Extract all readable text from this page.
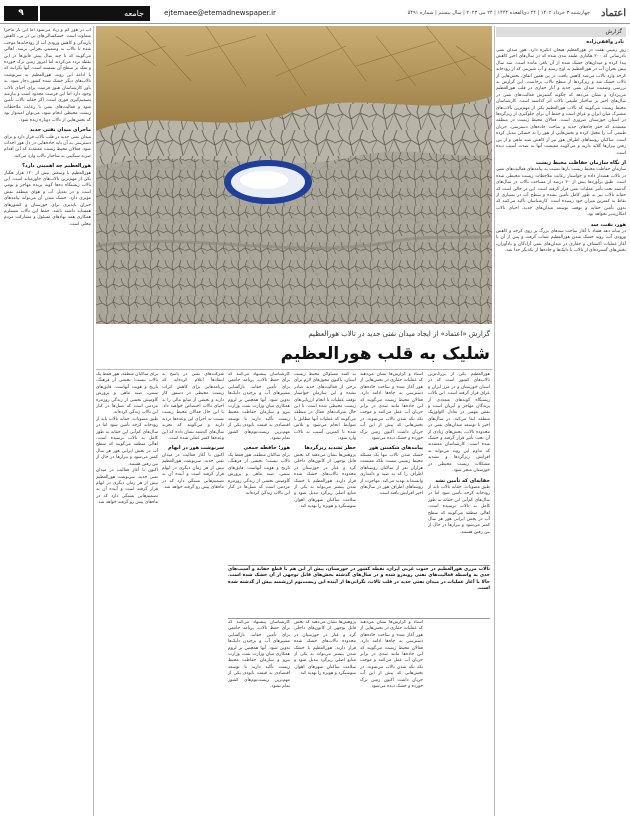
اعتماد
چهارشنبه ۳ خرداد ۱۴۰۲ | ۲۴ ذی‌القعده ۱۴۴۴ | ۲۴ می ۲۰۲۳ | سال بیستم | شماره ۵۴۹۱
ejtemaee@etemadnewspaper.ir
جامعه
۹
گزارش
نادر واقفی‌زاده

روزِ زمینیِ هفت در هورالعظیم هیجان انگیزه دارد. هورِ میدان نفتی یادرسانی که ۳۰۰ هکتاری طبقه بندی شده که در سال‌های اخیر کاهش پیدا کرده و میدان‌های خشک شده از آن باقی مانده است. سه سال پیش بحرانِ آب در هورالعظیم به اوج رسید و آبِ شیرینی که از رودخانه کرخه وارد تالاب می‌شد کاهش یافت. در پی همین اتفاق، بخش‌هایی از تالاب خشک شد و ریزگردها از سطح تالاب برخاست. این گزارش به بررسی وضعیت میدان نفتی جدید و آثار حفاری در قلب هورالعظیم می‌پردازد و نشان می‌دهد که چگونه گسترش فعالیت‌های نفتی در سال‌های اخیر بر ساختار طبیعی تالاب اثر گذاشته است. کارشناسان محیط زیست می‌گویند که تالاب هورالعظیم یکی از مهم‌ترین تالاب‌های مشترک میان ایران و عراق است و حفظ آن برای جلوگیری از ریزگردها در استان خوزستان ضروری است. فعالان محیط زیست در منطقه معتقدند که حفر چاه‌های جدید و ساخت جاده‌های دسترسی، جریان طبیعی آب را مختل کرده و بخش‌هایی از هور را به خشکی تبدیل کرده است. ساکنان روستاهای اطراف هور نیز از کاهش صید ماهی و از بین رفتن نیزارها گلایه دارند و می‌گویند معیشت آنها به شدت آسیب دیده است.

از نگاه سازمان حفاظت محیط زیست

سازمان حفاظت محیط زیست بارها نسبت به پیامدهای فعالیت‌های نفتی در تالاب هشدار داده و خواستار رعایت ملاحظات زیست محیطی شده است. طبق برآوردها بیش از ۳۰ درصد از مساحت تالاب در سال‌های گذشته تحت تأثیر عملیات نفتی قرار گرفته است. این در حالی است که حقابه تالاب نیز به طور کامل تأمین نشده و سطح آب در بسیاری از نقاط به کمترین میزان خود رسیده است. کارشناسان تأکید می‌کنند که بدون تأمین حقابه و توقف توسعه میدان‌های جدید، احیای تالاب امکان‌پذیر نخواهد بود.

هور، نفت، سد

در میانه دهه هفتاد با آغاز ساخت سدهای بزرگ بر روی کرخه و کاهش ورودی آب، روند خشک شدن هورالعظیم شتاب گرفت و پس از آن با آغاز عملیات اکتشاف و حفاری در میدان‌های نفتی آزادگان و یادآوران، بخش‌های گسترده‌ای از تالاب با دایک‌ها و جاده‌ها از یکدیگر جدا شد.

گزارش «اعتماد» از ایجاد میدان نفتی جدید در تالاب هورالعظیم
شلیک به قلب هورالعظیم

هورالعظیم یکی از بزرگ‌ترین تالاب‌های کشور است که در استان خوزستان و در مرز ایران و عراق قرار گرفته است. این تالاب زیستگاه گونه‌های متعددی از پرندگان مهاجر و آبزیان است و نقش مهمی در تعادل اکولوژیک منطقه ایفا می‌کند. در سال‌های اخیر با توسعه میدان‌های نفتی در محدوده تالاب، بخش‌های زیادی از آن تحت تأثیر قرار گرفته و خشک شده است. کارشناسان معتقدند که تداوم این روند می‌تواند به افزایش ریزگردها و تشدید مشکلات زیست محیطی در خوزستان منجر شود.

حقابه‌ای که تأمین نشد

طبق مصوبات، حقابه تالاب باید از رودخانه کرخه تأمین شود اما در سال‌های کم‌آبی این حقابه به طور کامل به تالاب نرسیده است. اهالی منطقه می‌گویند که سطح آب در بخش ایرانی هور هر سال کمتر می‌شود و نیزارها در حال از بین رفتن هستند.

اسناد و گزارش‌ها نشان می‌دهند که عملیات حفاری در بخش‌هایی از هور آغاز شده و ساخت جاده‌های دسترسی به چاه‌ها ادامه دارد. فعالان محیط زیست می‌گویند که این جاده‌ها مانند سدی در برابر جریان آب عمل می‌کنند و موجب تکه تکه شدن تالاب می‌شوند. در بخش‌هایی که پیش از این آب جریان داشت اکنون زمین ترک خورده و خشک دیده می‌شود.

پیامدهای شکستن هور

خشک شدن تالاب تنها یک مسئله محیط زیستی نیست بلکه معیشت هزاران نفر از ساکنان روستاهای اطراف را که به صید و دامداری وابسته‌اند تهدید می‌کند. مهاجرت از روستاهای اطراف هور در سال‌های اخیر افزایش یافته است.

به گفته مسئولان محیط زیست استان، تاکنون مجوزهای لازم برای برخی از فعالیت‌های جدید صادر نشده و این سازمان خواستار توقف عملیات تا انجام ارزیابی‌های زیست محیطی شده است. با این حال شرکت‌های فعال در منطقه می‌گویند که عملیات آنها مطابق با ضوابط انجام می‌شود و تلاش شده تا کمترین آسیب به تالاب وارد شود.

خطر تشدید ریزگردها

پژوهش‌ها نشان می‌دهند که بخش قابل توجهی از کانون‌های داخلی گرد و غبار در خوزستان در محدوده تالاب‌های خشک شده قرار دارند. هورالعظیم با خشک شدن بیشتر می‌تواند به یکی از منابع اصلی ریزگرد تبدیل شود و سلامت ساکنان شهرهای اهواز، سوسنگرد و هویزه را تهدید کند.

کارشناسان پیشنهاد می‌کنند که برای حفظ تالاب، برنامه جامعی برای تأمین حقابه، بازگشایی مسیرهای آب و برچیدن دایک‌ها تدوین شود. آنها همچنین بر لزوم همکاری میان وزارت نفت، وزارت نیرو و سازمان حفاظت محیط زیست تأکید دارند تا توسعه اقتصادی به قیمت نابودی یکی از مهم‌ترین زیست‌بوم‌های کشور تمام نشود.

هور؛ حافظه جمعی

برای ساکنان منطقه، هور فقط یک تالاب نیست؛ بخشی از فرهنگ، تاریخ و هویت آنهاست. قایق‌های سنتی، صید ماهی و پرورش گاومیش بخشی از زندگی روزمره مردمی است که نسل‌ها در کنار این تالاب زندگی کرده‌اند.

شرکت‌های نفتی در پاسخ به انتقادها اعلام کرده‌اند که برنامه‌هایی برای کاهش اثرات زیست محیطی در دستور کار دارند و بخشی از منابع مالی را به احیای تالاب اختصاص خواهند داد. با این حال فعالان محیط زیست نسبت به اجرای این وعده‌ها تردید دارند و می‌گویند که تجربه سال‌های گذشته نشان داده که این وعده‌ها کمتر عملی شده است.

سرنوشت هور در ابهام

اکنون با آغاز فعالیت در میدان نفتی جدید، سرنوشت هورالعظیم بیش از هر زمان دیگری در ابهام قرار گرفته است و آینده آن به تصمیم‌هایی بستگی دارد که در ماه‌های پیش رو گرفته خواهد شد.

تالاب مرزی هورالعظیم در جنوب غربی ایران، نقطه کشور در خوزستان، پیش از این هم با قطع حقابه و آسیب‌های جدی به واسطه فعالیت‌های نفتی روبه‌رو شده و در سال‌های گذشته بخش‌های قابل توجهی از آن خشک شده است. حالا با آغاز عملیات در میدان نفتی جدید در قلب تالاب، نگرانی‌ها از آینده این زیست‌بوم ارزشمند بیش از گذشته شده است.

اسناد و گزارش‌ها نشان می‌دهند که عملیات حفاری در بخش‌هایی از هور آغاز شده و ساخت جاده‌های دسترسی به چاه‌ها ادامه دارد. فعالان محیط زیست می‌گویند که این جاده‌ها مانند سدی در برابر جریان آب عمل می‌کنند و موجب تکه تکه شدن تالاب می‌شوند. در بخش‌هایی که پیش از این آب جریان داشت اکنون زمین ترک خورده و خشک دیده می‌شود.

پژوهش‌ها نشان می‌دهند که بخش قابل توجهی از کانون‌های داخلی گرد و غبار در خوزستان در محدوده تالاب‌های خشک شده قرار دارند. هورالعظیم با خشک شدن بیشتر می‌تواند به یکی از منابع اصلی ریزگرد تبدیل شود و سلامت ساکنان شهرهای اهواز، سوسنگرد و هویزه را تهدید کند.

کارشناسان پیشنهاد می‌کنند که برای حفظ تالاب، برنامه جامعی برای تأمین حقابه، بازگشایی مسیرهای آب و برچیدن دایک‌ها تدوین شود. آنها همچنین بر لزوم همکاری میان وزارت نفت، وزارت نیرو و سازمان حفاظت محیط زیست تأکید دارند تا توسعه اقتصادی به قیمت نابودی یکی از مهم‌ترین زیست‌بوم‌های کشور تمام نشود.

آب در هور کم و زیاد می‌شود اما این بار ماجرا متفاوت است. خشکسالی‌های پی در پی، کاهش بارندگی و کاهش ورودی آب از رودخانه‌ها موجب شده تا تالاب به وضعیتی بحرانی برسد. اهالی می‌گویند که تا چند سال پیش قایق‌ها در این نقطه تردد می‌کردند اما امروز زمین ترک خورده و نمک بر سطح آن نشسته است. آنها نگرانند که با ادامه این روند، هورالعظیم به سرنوشت تالاب‌های دیگر خشک شده کشور دچار شود. به باور کارشناسان هنوز فرصت برای احیای تالاب وجود دارد اما این فرصت محدود است و نیازمند تصمیم‌گیری فوری است. اگر حقابه تالاب تأمین شود و فعالیت‌های نفتی با رعایت ملاحظات زیست محیطی انجام شود، می‌توان امیدوار بود که بخش‌هایی از تالاب دوباره زنده شود.

ماجرای میدان نفتی جدید

میدان نفتی جدید در قلب تالاب قرار دارد و برای دسترسی به آن باید جاده‌هایی در دل هور احداث شود. فعالان محیط زیست معتقدند که این اقدام ضربه سنگینی به ساختار تالاب وارد می‌کند.

هورالعظیم چه اهمیتی دارد؟

هورالعظیم با وسعتی بیش از ۱۲۰ هزار هکتار یکی از مهم‌ترین تالاب‌های خاورمیانه است. این تالاب زیستگاه ده‌ها گونه پرنده مهاجر و بومی است و در تعدیل آب و هوای منطقه نقش مؤثری دارد. خشک شدن آن می‌تواند پیامدهای جبران ناپذیری برای خوزستان و کشورهای همسایه داشته باشد. حفظ این تالاب مستلزم همکاری همه نهادهای مسئول و مشارکت مردم محلی است.

برای ساکنان منطقه، هور فقط یک تالاب نیست؛ بخشی از فرهنگ، تاریخ و هویت آنهاست. قایق‌های سنتی، صید ماهی و پرورش گاومیش بخشی از زندگی روزمره مردمی است که نسل‌ها در کنار این تالاب زندگی کرده‌اند.

طبق مصوبات، حقابه تالاب باید از رودخانه کرخه تأمین شود اما در سال‌های کم‌آبی این حقابه به طور کامل به تالاب نرسیده است. اهالی منطقه می‌گویند که سطح آب در بخش ایرانی هور هر سال کمتر می‌شود و نیزارها در حال از بین رفتن هستند.

اکنون با آغاز فعالیت در میدان نفتی جدید، سرنوشت هورالعظیم بیش از هر زمان دیگری در ابهام قرار گرفته است و آینده آن به تصمیم‌هایی بستگی دارد که در ماه‌های پیش رو گرفته خواهد شد.
